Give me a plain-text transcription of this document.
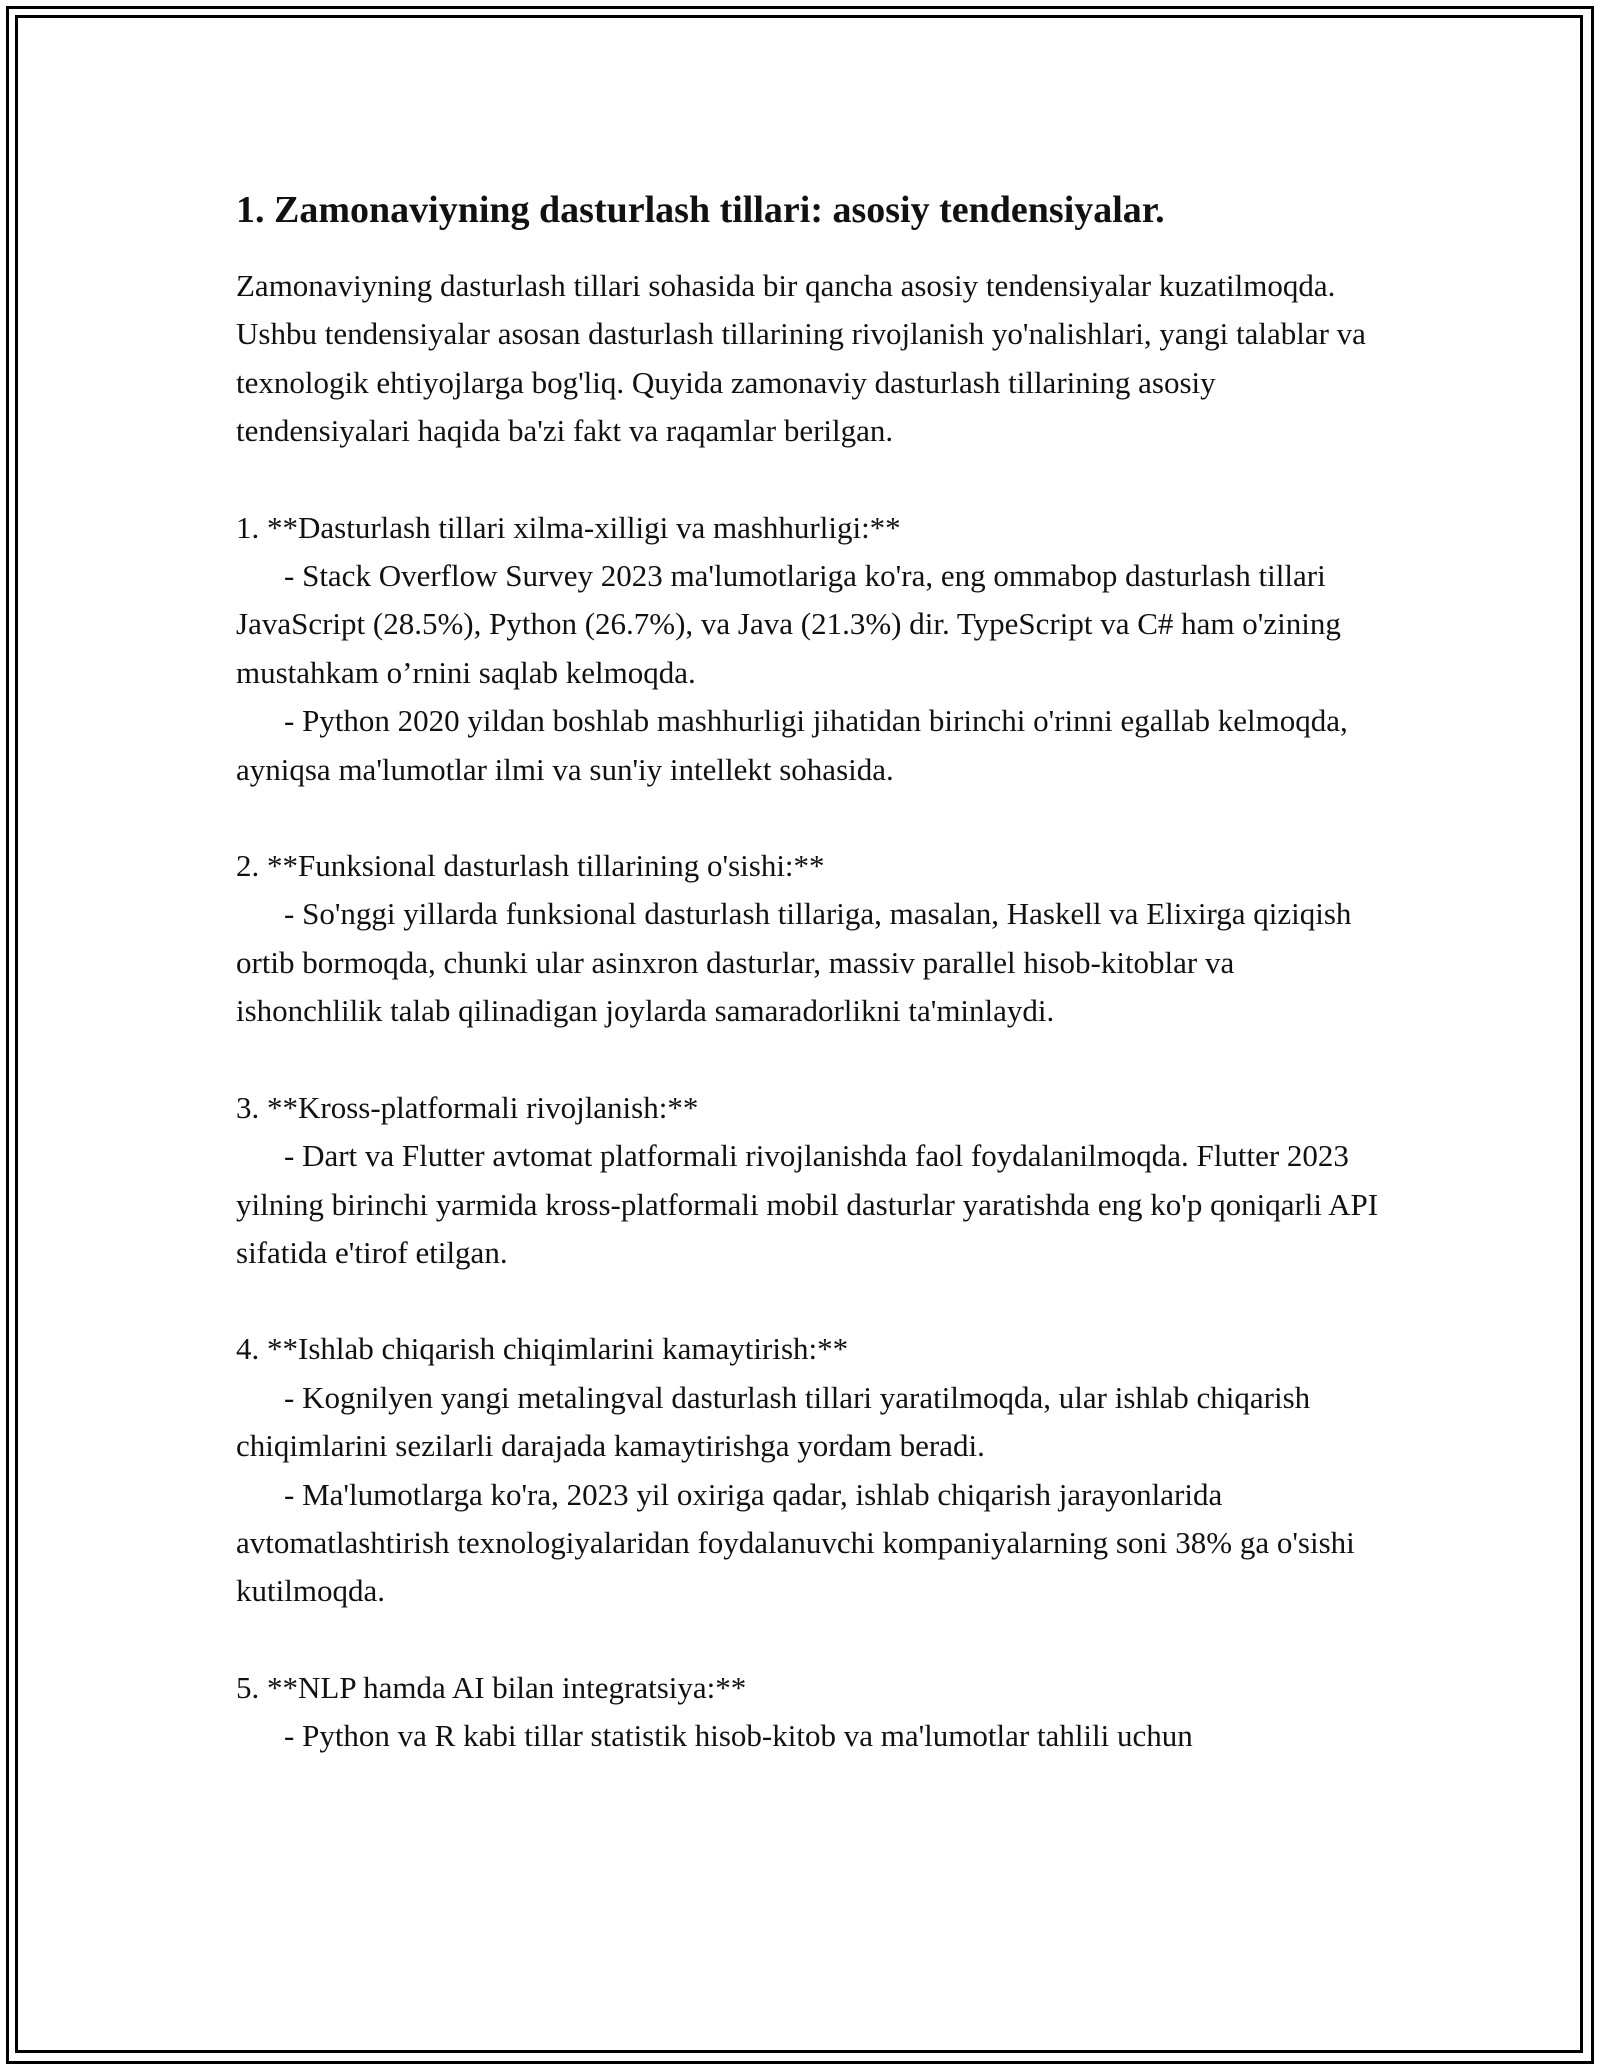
1. Zamonaviyning dasturlash tillari: asosiy tendensiyalar.

Zamonaviyning dasturlash tillari sohasida bir qancha asosiy tendensiyalar kuzatilmoqda. Ushbu tendensiyalar asosan dasturlash tillarining rivojlanish yo'nalishlari, yangi talablar va texnologik ehtiyojlarga bog'liq. Quyida zamonaviy dasturlash tillarining asosiy tendensiyalari haqida ba'zi fakt va raqamlar berilgan.

1. **Dasturlash tillari xilma-xilligi va mashhurligi:**

- Stack Overflow Survey 2023 ma'lumotlariga ko'ra, eng ommabop dasturlash tillari JavaScript (28.5%), Python (26.7%), va Java (21.3%) dir. TypeScript va C# ham o'zining mustahkam o’rnini saqlab kelmoqda.

- Python 2020 yildan boshlab mashhurligi jihatidan birinchi o'rinni egallab kelmoqda, ayniqsa ma'lumotlar ilmi va sun'iy intellekt sohasida.

2. **Funksional dasturlash tillarining o'sishi:**

- So'nggi yillarda funksional dasturlash tillariga, masalan, Haskell va Elixirga qiziqish ortib bormoqda, chunki ular asinxron dasturlar, massiv parallel hisob-kitoblar va ishonchlilik talab qilinadigan joylarda samaradorlikni ta'minlaydi.

3. **Kross-platformali rivojlanish:**

- Dart va Flutter avtomat platformali rivojlanishda faol foydalanilmoqda. Flutter 2023 yilning birinchi yarmida kross-platformali mobil dasturlar yaratishda eng ko'p qoniqarli API sifatida e'tirof etilgan.

4. **Ishlab chiqarish chiqimlarini kamaytirish:**

- Kognilyen yangi metalingval dasturlash tillari yaratilmoqda, ular ishlab chiqarish chiqimlarini sezilarli darajada kamaytirishga yordam beradi.

- Ma'lumotlarga ko'ra, 2023 yil oxiriga qadar, ishlab chiqarish jarayonlarida avtomatlashtirish texnologiyalaridan foydalanuvchi kompaniyalarning soni 38% ga o'sishi kutilmoqda.

5. **NLP hamda AI bilan integratsiya:**

- Python va R kabi tillar statistik hisob-kitob va ma'lumotlar tahlili uchun
